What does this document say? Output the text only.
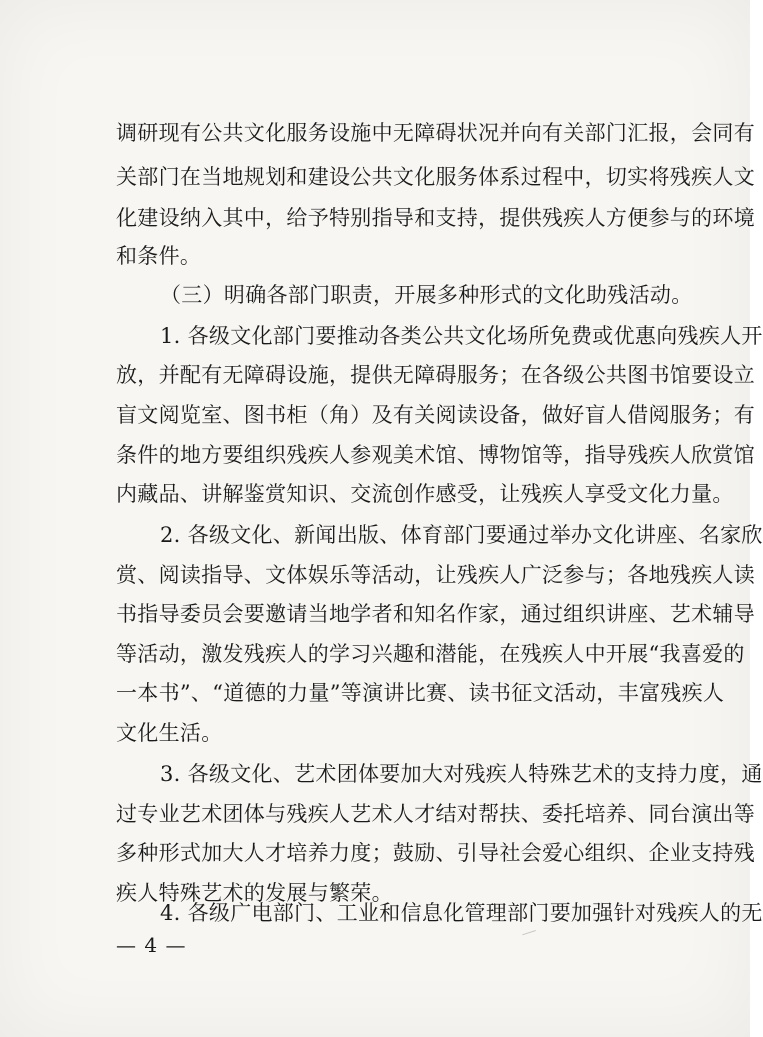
调研现有公共文化服务设施中无障碍状况并向有关部门汇报，会同有
关部门在当地规划和建设公共文化服务体系过程中，切实将残疾人文
化建设纳入其中，给予特别指导和支持，提供残疾人方便参与的环境
和条件。
（三）明确各部门职责，开展多种形式的文化助残活动。
1. 各级文化部门要推动各类公共文化场所免费或优惠向残疾人开
放，并配有无障碍设施，提供无障碍服务；在各级公共图书馆要设立
盲文阅览室、图书柜（角）及有关阅读设备，做好盲人借阅服务；有
条件的地方要组织残疾人参观美术馆、博物馆等，指导残疾人欣赏馆
内藏品、讲解鉴赏知识、交流创作感受，让残疾人享受文化力量。
2. 各级文化、新闻出版、体育部门要通过举办文化讲座、名家欣
赏、阅读指导、文体娱乐等活动，让残疾人广泛参与；各地残疾人读
书指导委员会要邀请当地学者和知名作家，通过组织讲座、艺术辅导
等活动，激发残疾人的学习兴趣和潜能，在残疾人中开展“我喜爱的
一本书”、“道德的力量”等演讲比赛、读书征文活动，丰富残疾人
文化生活。
3. 各级文化、艺术团体要加大对残疾人特殊艺术的支持力度，通
过专业艺术团体与残疾人艺术人才结对帮扶、委托培养、同台演出等
多种形式加大人才培养力度；鼓励、引导社会爱心组织、企业支持残
疾人特殊艺术的发展与繁荣。
4. 各级广电部门、工业和信息化管理部门要加强针对残疾人的无
— 4 —
